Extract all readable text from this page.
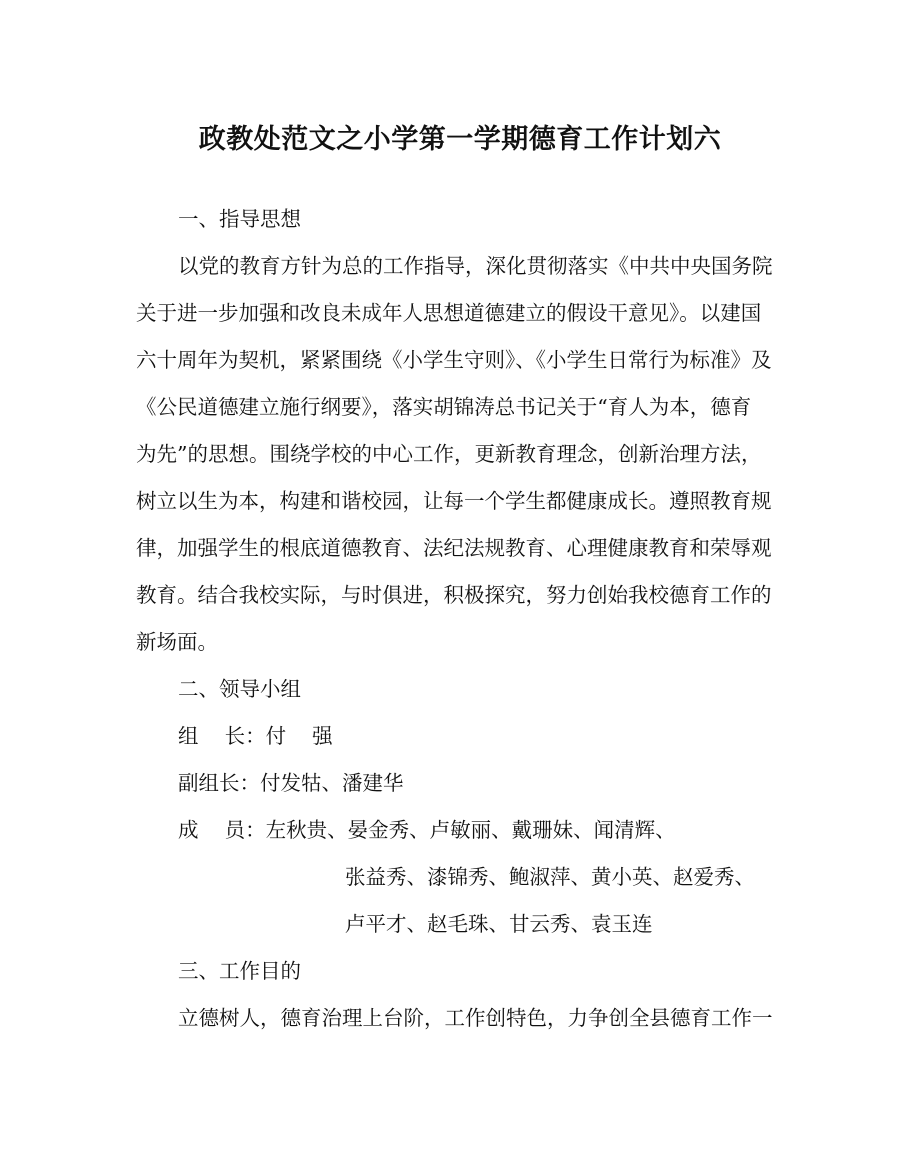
政教处范文之小学第一学期德育工作计划六
一、指导思想
以党的教育方针为总的工作指导，深化贯彻落实《中共中央国务院
关于进一步加强和改良未成年人思想道德建立的假设干意见》。以建国
六十周年为契机，紧紧围绕《小学生守则》、《小学生日常行为标准》及
《公民道德建立施行纲要》，落实胡锦涛总书记关于“育人为本，德育
为先”的思想。围绕学校的中心工作，更新教育理念，创新治理方法，
树立以生为本，构建和谐校园，让每一个学生都健康成长。遵照教育规
律，加强学生的根底道德教育、法纪法规教育、心理健康教育和荣辱观
教育。结合我校实际，与时俱进，积极探究，努力创始我校德育工作的
新场面。
二、领导小组
组    长：付    强
副组长：付发牯、潘建华
成    员：左秋贵、晏金秀、卢敏丽、戴珊妹、闻清辉、
张益秀、漆锦秀、鲍淑萍、黄小英、赵爱秀、
卢平才、赵毛珠、甘云秀、袁玉连
三、工作目的
立德树人，德育治理上台阶，工作创特色，力争创全县德育工作一
